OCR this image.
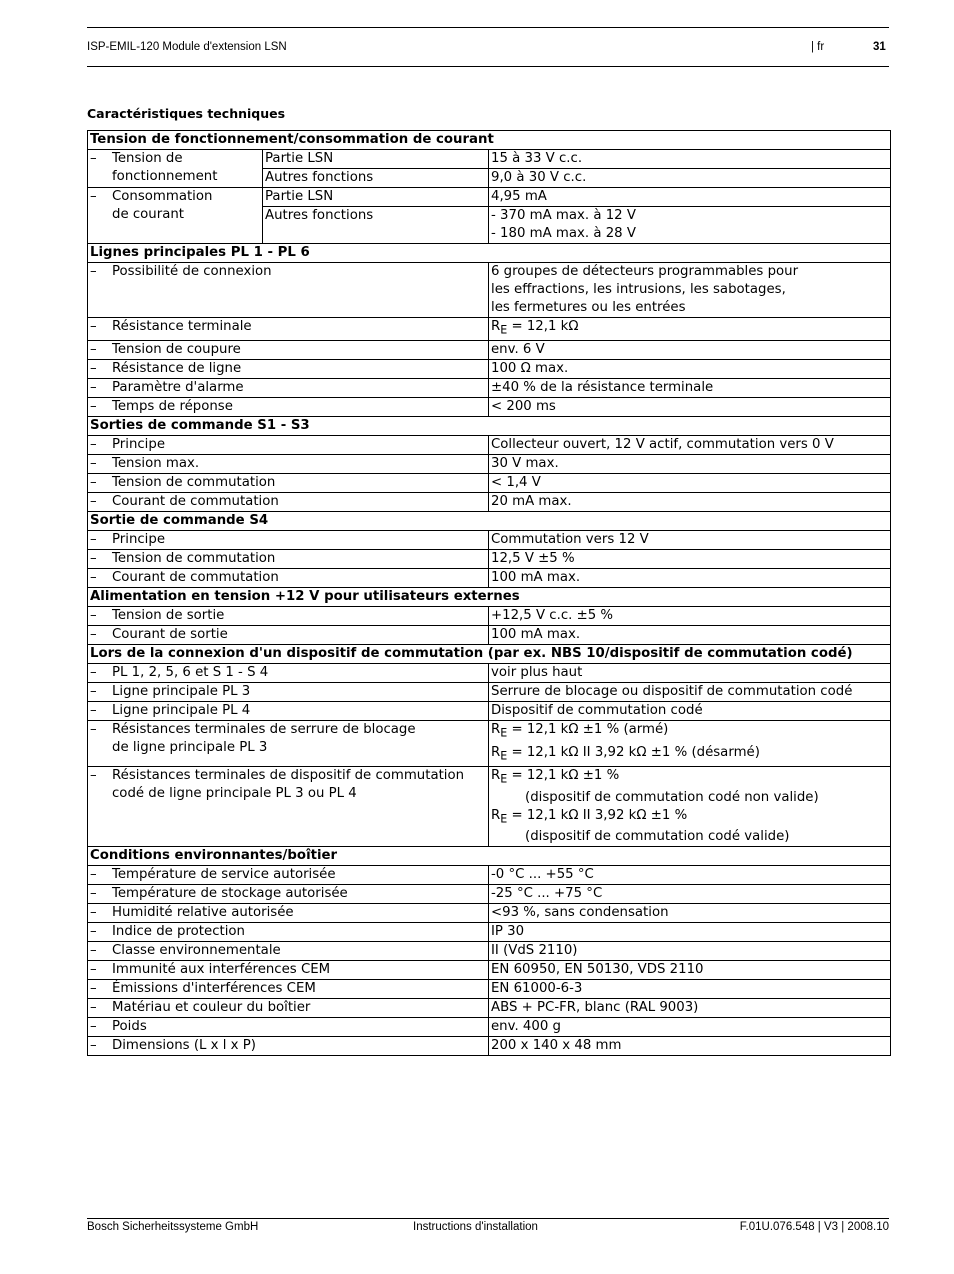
ISP-EMIL-120 Module d'extension LSN	| fr	31
Caractéristiques techniques
Tension de fonctionnement/consommation de courant		
– Tension de
fonctionnement	Partie LSN	15 à 33 V c.c.
	Autres fonctions	9,0 à 30 V c.c.
– Consommation
de courant	Partie LSN	4,95 mA
	Autres fonctions	- 370 mA max. à 12 V
- 180 mA max. à 28 V

Lignes principales PL 1 - PL 6		
– Possibilité de connexion		6 groupes de détecteurs programmables pour
les effractions, les intrusions, les sabotages,
les fermetures ou les entrées

– Résistance terminale		$R_E = 12,1$ kΩ
– Tension de coupure		env. 6 V
– Résistance de ligne		100 Ω max.
– Paramètre d'alarme		±40 % de la résistance terminale
– Temps de réponse		< 200 ms
Sorties de commande S1 - S3		
– Principe		Collecteur ouvert, 12 V actif, commutation vers 0 V
– Tension max.		30 V max.
– Tension de commutation		< 1,4 V
– Courant de commutation		20 mA max.
Sortie de commande S4		
– Principe		Commutation vers 12 V
– Tension de commutation		12,5 V ±5 %
– Courant de commutation		100 mA max.
Alimentation en tension +12 V pour utilisateurs externes		
– Tension de sortie		+12,5 V c.c. ±5 %
– Courant de sortie		100 mA max.
Lors de la connexion d'un dispositif de commutation (par ex. NBS 10/dispositif de commutation codé)		
– PL 1, 2, 5, 6 et S 1 - S 4		voir plus haut
– Ligne principale PL 3		Serrure de blocage ou dispositif de commutation codé
– Ligne principale PL 4		Dispositif de commutation codé
– Résistances terminales de serrure de blocage
de ligne principale PL 3		$R_E = 12,1$ kΩ ±1 % (armé)
$R_E = 12,1$ kΩ II 3,92 kΩ ±1 % (désarmé)

– Résistances terminales de dispositif de commutation
codé de ligne principale PL 3 ou PL 4		$R_E = 12,1$ kΩ ±1 %
(dispositif de commutation codé non valide)
$R_E = 12,1$ kΩ II 3,92 kΩ ±1 %
(dispositif de commutation codé valide)

Conditions environnantes/boîtier		
– Température de service autorisée		-0 °C ... +55 °C
– Température de stockage autorisée		-25 °C ... +75 °C
– Humidité relative autorisée		<93 %, sans condensation
– Indice de protection		IP 30
– Classe environnementale		II (VdS 2110)
– Immunité aux interférences CEM		EN 60950, EN 50130, VDS 2110
– Émissions d'interférences CEM		EN 61000-6-3
– Matériau et couleur du boîtier		ABS + PC-FR, blanc (RAL 9003)
– Poids		env. 400 g
– Dimensions (L x l x P)		200 x 140 x 48 mm
Bosch Sicherheitssysteme GmbH	Instructions d'installation	F.01U.076.548 | V3 | 2008.10
